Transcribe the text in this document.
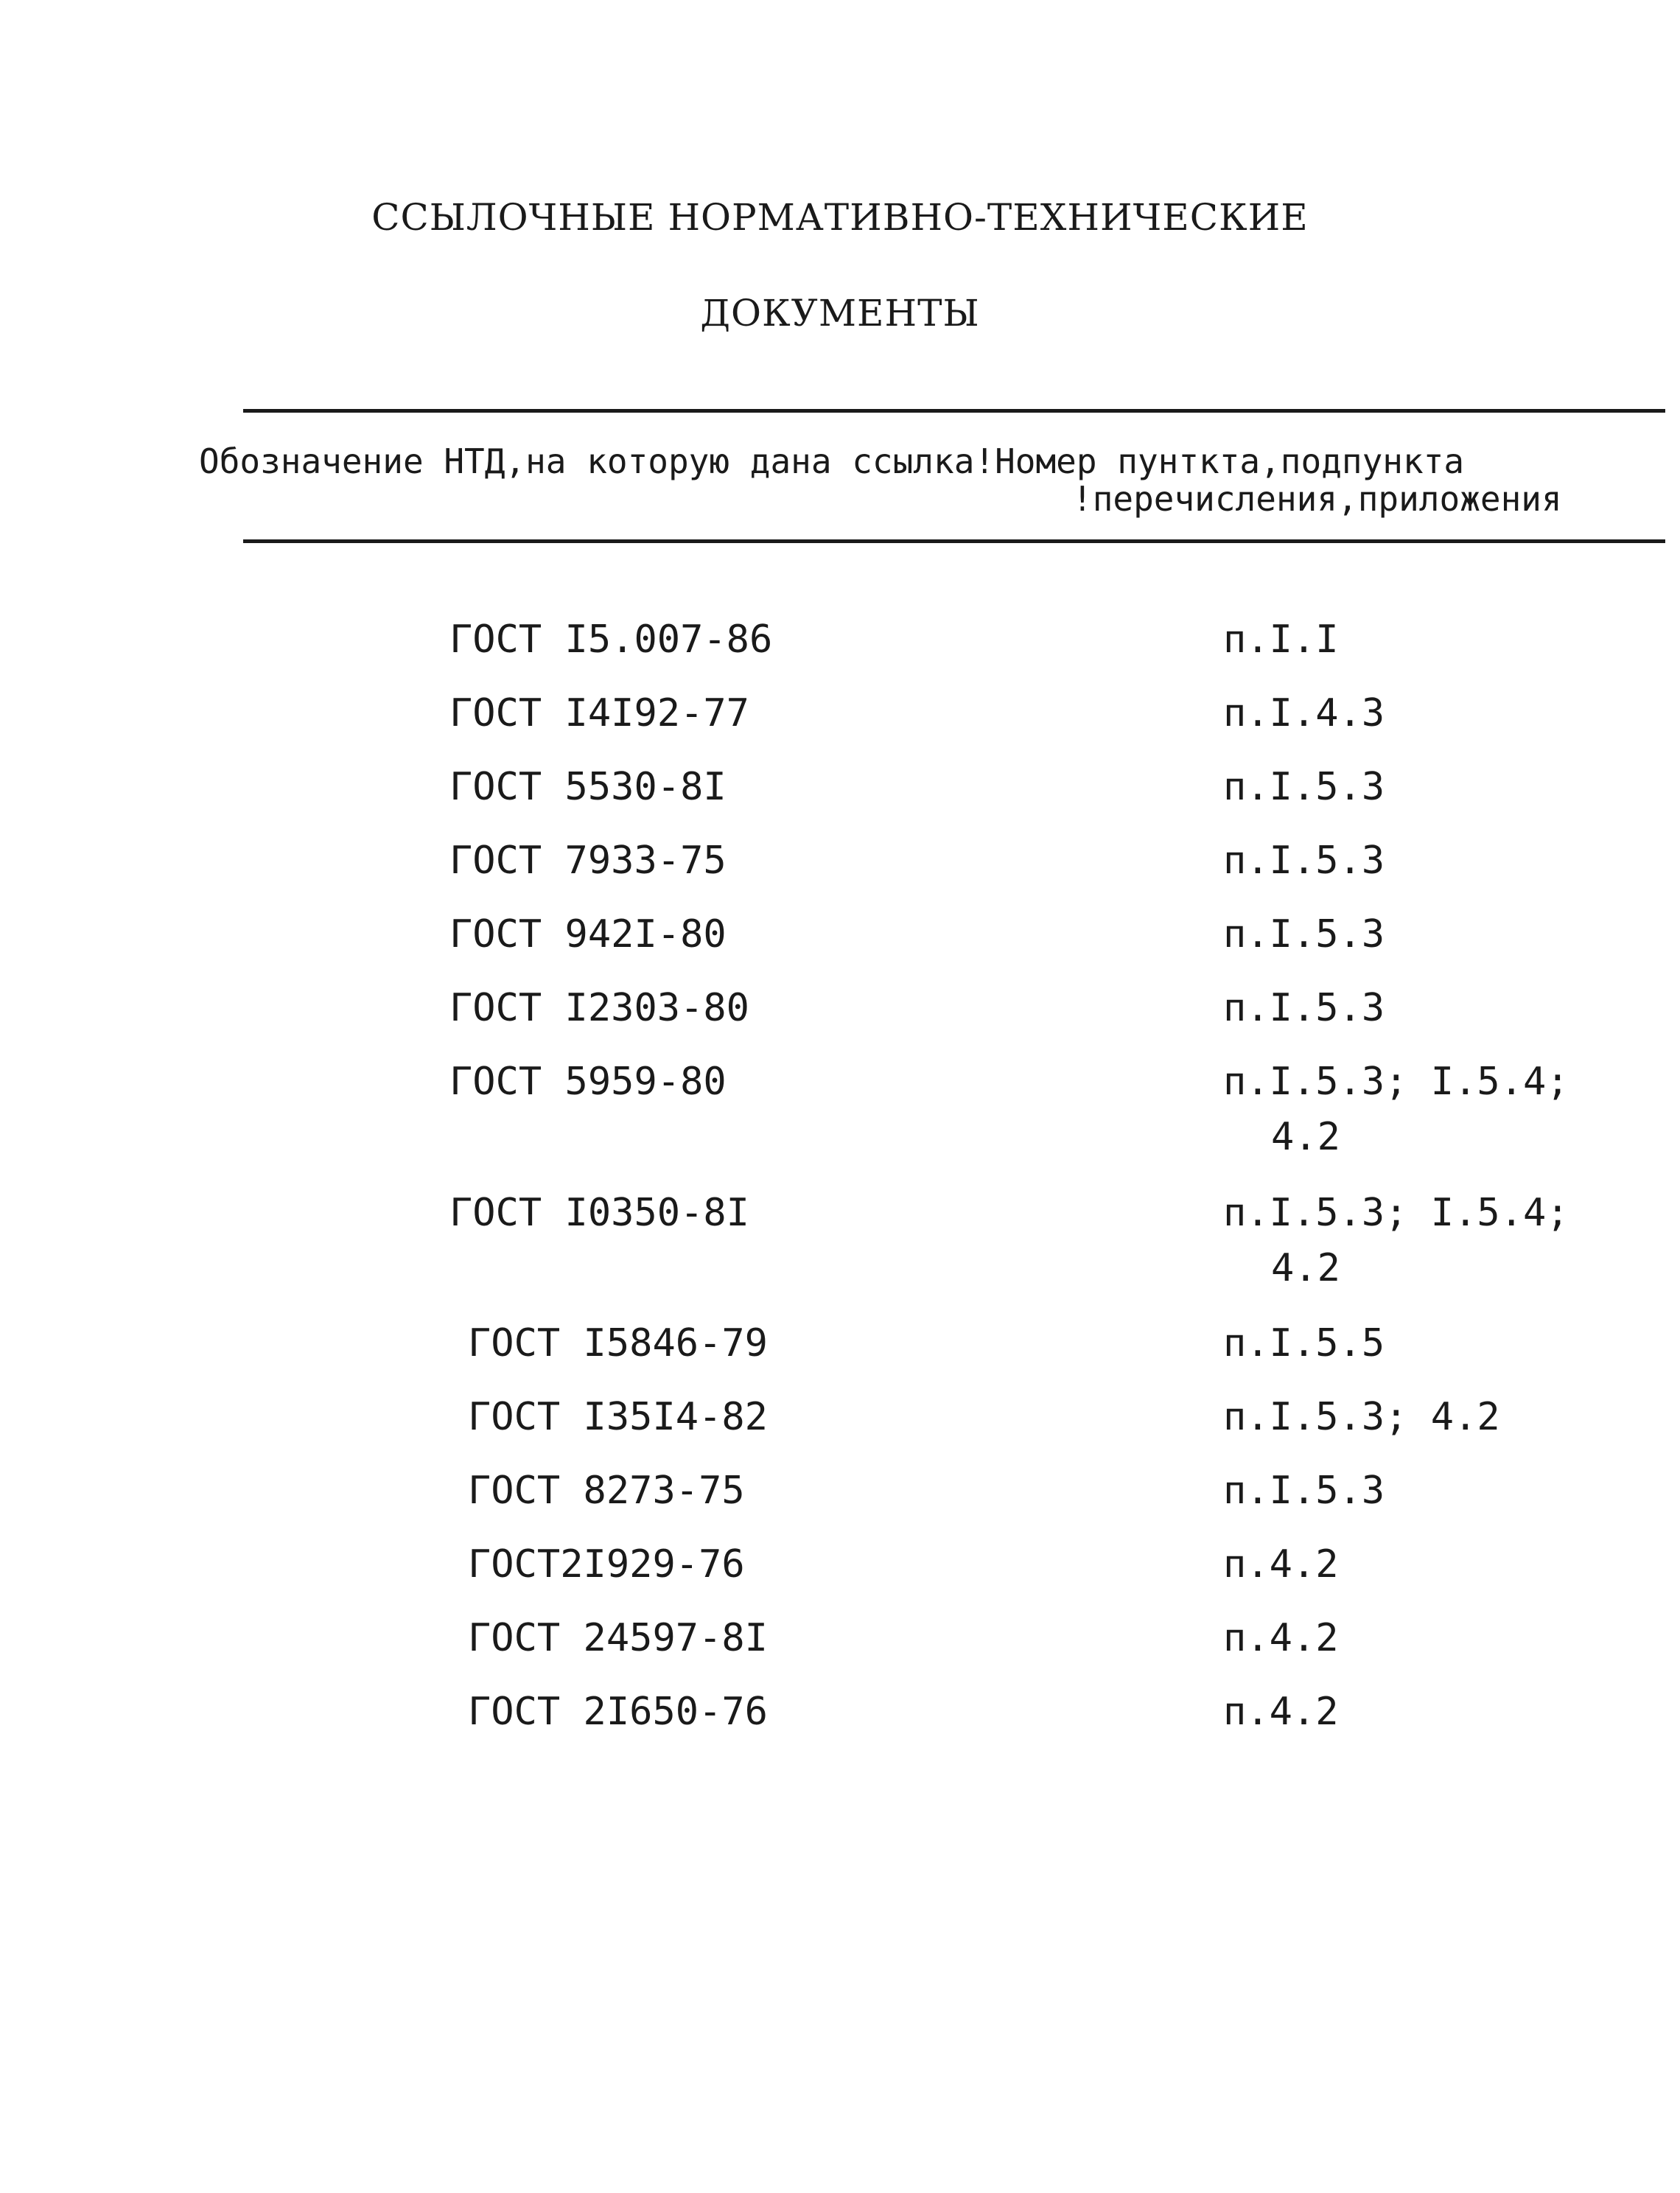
ССЫЛОЧНЫЕ НОРМАТИВНО-ТЕХНИЧЕСКИЕ
ДОКУМЕНТЫ
Обозначение НТД,на которую дана ссылка!Номер пунткта,подпункта
!перечисления,приложения
ГОСТ I5.007-86	п.I.I
ГОСТ I4I92-77	п.I.4.3
ГОСТ 5530-8I	п.I.5.3
ГОСТ 7933-75	п.I.5.3
ГОСТ 942I-80	п.I.5.3
ГОСТ I2303-80	п.I.5.3
ГОСТ 5959-80	п.I.5.3; I.5.4;
4.2
ГОСТ I0350-8I	п.I.5.3; I.5.4;
4.2
ГОСТ I5846-79	п.I.5.5
ГОСТ I35I4-82	п.I.5.3; 4.2
ГОСТ 8273-75	п.I.5.3
ГОСТ2I929-76	п.4.2
ГОСТ 24597-8I	п.4.2
ГОСТ 2I650-76	п.4.2
